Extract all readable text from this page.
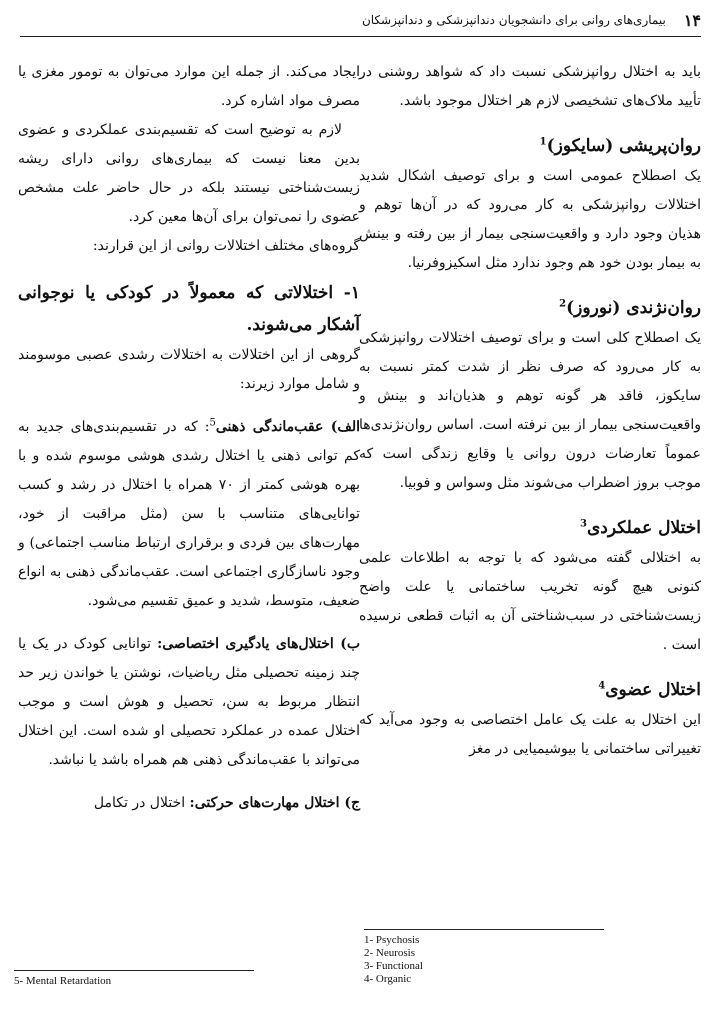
۱۴
بیماری‌های روانی برای دانشجویان دندانپزشکی و دندانپزشکان

باید به اختلال روانپزشکی نسبت داد که شواهد روشنی در تأیید ملاک‌های تشخیصی لازم هر اختلال موجود باشد.

روان‌پریشی (سایکوز)$^1$

یک اصطلاح عمومی است و برای توصیف اشکال شدید اختلالات روانپزشکی به کار می‌رود که در آن‌ها توهم و هذیان وجود دارد و واقعیت‌سنجی بیمار از بین رفته و بینش به بیمار بودن خود هم وجود ندارد مثل اسکیزوفرنیا.

روان‌نژندی (نوروز)$^2$

یک اصطلاح کلی است و برای توصیف اختلالات روانپزشکی به کار می‌رود که صرف نظر از شدت کمتر نسبت به سایکوز، فاقد هر گونه توهم و هذیان‌اند و بینش و واقعیت‌سنجی بیمار از بین نرفته است. اساس روان‌نژندی‌ها عموماً تعارضات درون روانی یا وقایع زندگی است که موجب بروز اضطراب می‌شوند مثل وسواس و فوبیا.

اختلال عملکردی$^3$

به اختلالی گفته می‌شود که با توجه به اطلاعات علمی کنونی هیچ گونه تخریب ساختمانی یا علت واضح زیست‌شناختی در سبب‌شناختی آن به اثبات قطعی نرسیده است .

اختلال عضوی$^4$

این اختلال به علت یک عامل اختصاصی به وجود می‌آید که تغییراتی ساختمانی یا بیوشیمیایی در مغز

ایجاد می‌کند. از جمله این موارد می‌توان به تومور مغزی یا مصرف مواد اشاره کرد.

لازم به توضیح است که تقسیم‌بندی عملکردی و عضوی بدین معنا نیست که بیماری‌های روانی دارای ریشه زیست‌شناختی نیستند بلکه در حال حاضر علت مشخص عضوی را نمی‌توان برای آن‌ها معین کرد.

گروه‌های مختلف اختلالات روانی از این قرارند:

۱- اختلالاتی که معمولاً در کودکی یا نوجوانی آشکار می‌شوند.

گروهی از این اختلالات به اختلالات رشدی عصبی موسومند و شامل موارد زیرند:

الف) عقب‌ماندگی ذهنی$^5$: که در تقسیم‌بندی‌های جدید به کم توانی ذهنی یا اختلال رشدی هوشی موسوم شده و با بهره هوشی کمتر از ۷۰ همراه با اختلال در رشد و کسب توانایی‌های متناسب با سن (مثل مراقبت از خود، مهارت‌های بین فردی و برقراری ارتباط مناسب اجتماعی) و وجود ناسازگاری اجتماعی است. عقب‌ماندگی ذهنی به انواع ضعیف، متوسط، شدید و عمیق تقسیم می‌شود.

ب) اختلال‌های یادگیری اختصاصی: توانایی کودک در یک یا چند زمینه تحصیلی مثل ریاضیات، نوشتن یا خواندن زیر حد انتظار مربوط به سن، تحصیل و هوش است و موجب اختلال عمده در عملکرد تحصیلی او شده است. این اختلال می‌تواند با عقب‌ماندگی ذهنی هم همراه باشد یا نباشد.

ج) اختلال مهارت‌های حرکتی: اختلال در تکامل

1- Psychosis
2- Neurosis
3- Functional
4- Organic
5- Mental Retardation
